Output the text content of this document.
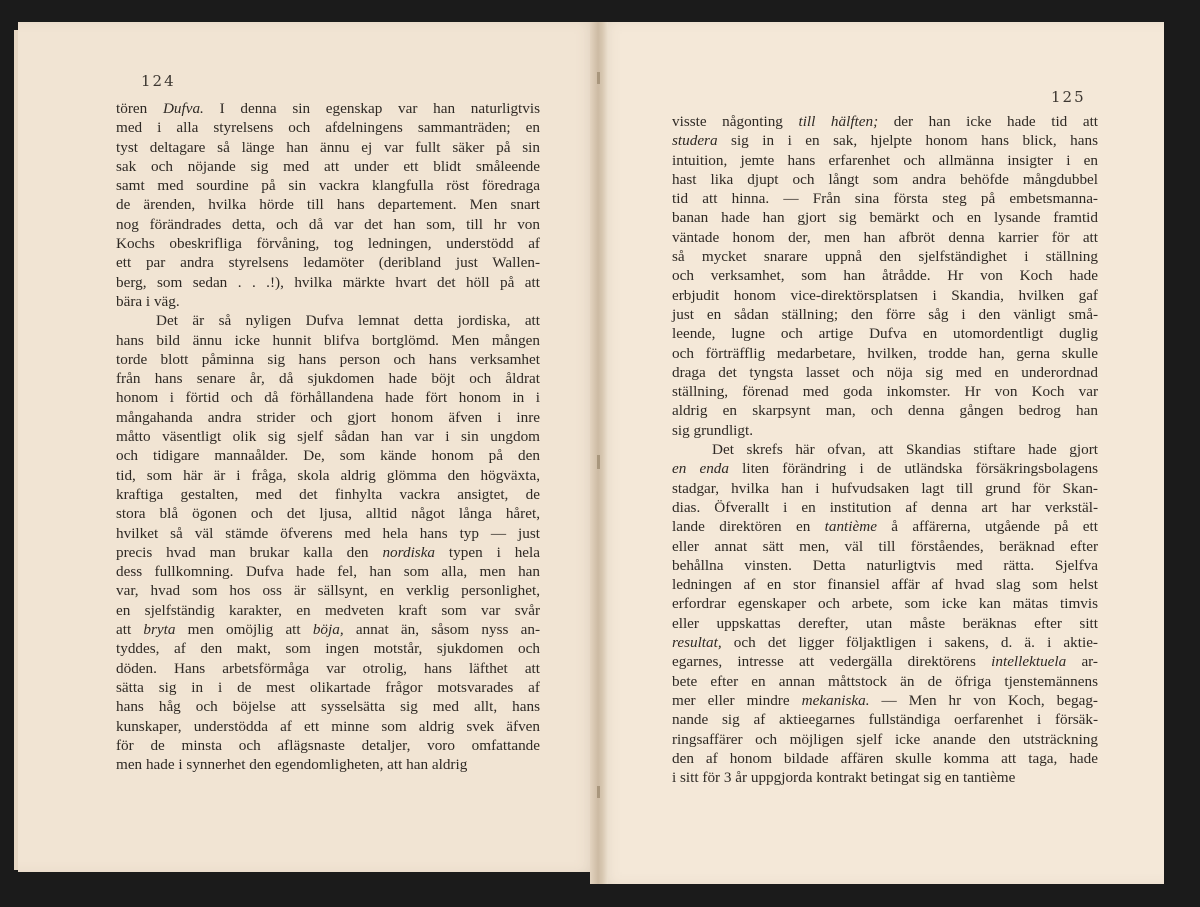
124
125
tören Dufva. I denna sin egenskap var han naturligtvis
med i alla styrelsens och afdelningens sammanträden; en
tyst deltagare så länge han ännu ej var fullt säker på sin
sak och nöjande sig med att under ett blidt småleende
samt med sourdine på sin vackra klangfulla röst föredraga
de ärenden, hvilka hörde till hans departement. Men snart
nog förändrades detta, och då var det han som, till hr von
Kochs obeskrifliga förvåning, tog ledningen, understödd af
ett par andra styrelsens ledamöter (deribland just Wallen-
berg, som sedan . . .!), hvilka märkte hvart det höll på att
bära i väg.
Det är så nyligen Dufva lemnat detta jordiska, att
hans bild ännu icke hunnit blifva bortglömd. Men mången
torde blott påminna sig hans person och hans verksamhet
från hans senare år, då sjukdomen hade böjt och åldrat
honom i förtid och då förhållandena hade fört honom in i
mångahanda andra strider och gjort honom äfven i inre
måtto väsentligt olik sig sjelf sådan han var i sin ungdom
och tidigare mannaålder. De, som kände honom på den
tid, som här är i fråga, skola aldrig glömma den högväxta,
kraftiga gestalten, med det finhylta vackra ansigtet, de
stora blå ögonen och det ljusa, alltid något långa håret,
hvilket så väl stämde öfverens med hela hans typ — just
precis hvad man brukar kalla den nordiska typen i hela
dess fullkomning. Dufva hade fel, han som alla, men han
var, hvad som hos oss är sällsynt, en verklig personlighet,
en sjelfständig karakter, en medveten kraft som var svår
att bryta men omöjlig att böja, annat än, såsom nyss an-
tyddes, af den makt, som ingen motstår, sjukdomen och
döden. Hans arbetsförmåga var otrolig, hans läfthet att
sätta sig in i de mest olikartade frågor motsvarades af
hans håg och böjelse att sysselsätta sig med allt, hans
kunskaper, understödda af ett minne som aldrig svek äfven
för de minsta och aflägsnaste detaljer, voro omfattande
men hade i synnerhet den egendomligheten, att han aldrig
visste någonting till hälften; der han icke hade tid att
studera sig in i en sak, hjelpte honom hans blick, hans
intuition, jemte hans erfarenhet och allmänna insigter i en
hast lika djupt och långt som andra behöfde mångdubbel
tid att hinna. — Från sina första steg på embetsmanna-
banan hade han gjort sig bemärkt och en lysande framtid
väntade honom der, men han afbröt denna karrier för att
så mycket snarare uppnå den sjelfständighet i ställning
och verksamhet, som han åtrådde. Hr von Koch hade
erbjudit honom vice-direktörsplatsen i Skandia, hvilken gaf
just en sådan ställning; den förre såg i den vänligt små-
leende, lugne och artige Dufva en utomordentligt duglig
och förträfflig medarbetare, hvilken, trodde han, gerna skulle
draga det tyngsta lasset och nöja sig med en underordnad
ställning, förenad med goda inkomster. Hr von Koch var
aldrig en skarpsynt man, och denna gången bedrog han
sig grundligt.
Det skrefs här ofvan, att Skandias stiftare hade gjort
en enda liten förändring i de utländska försäkringsbolagens
stadgar, hvilka han i hufvudsaken lagt till grund för Skan-
dias. Öfverallt i en institution af denna art har verkstäl-
lande direktören en tantième å affärerna, utgående på ett
eller annat sätt men, väl till förståendes, beräknad efter
behållna vinsten. Detta naturligtvis med rätta. Sjelfva
ledningen af en stor finansiel affär af hvad slag som helst
erfordrar egenskaper och arbete, som icke kan mätas timvis
eller uppskattas derefter, utan måste beräknas efter sitt
resultat, och det ligger följaktligen i sakens, d. ä. i aktie-
egarnes, intresse att vedergälla direktörens intellektuela ar-
bete efter en annan måttstock än de öfriga tjenstemännens
mer eller mindre mekaniska. — Men hr von Koch, begag-
nande sig af aktieegarnes fullständiga oerfarenhet i försäk-
ringsaffärer och möjligen sjelf icke anande den utsträckning
den af honom bildade affären skulle komma att taga, hade
i sitt för 3 år uppgjorda kontrakt betingat sig en tantième
